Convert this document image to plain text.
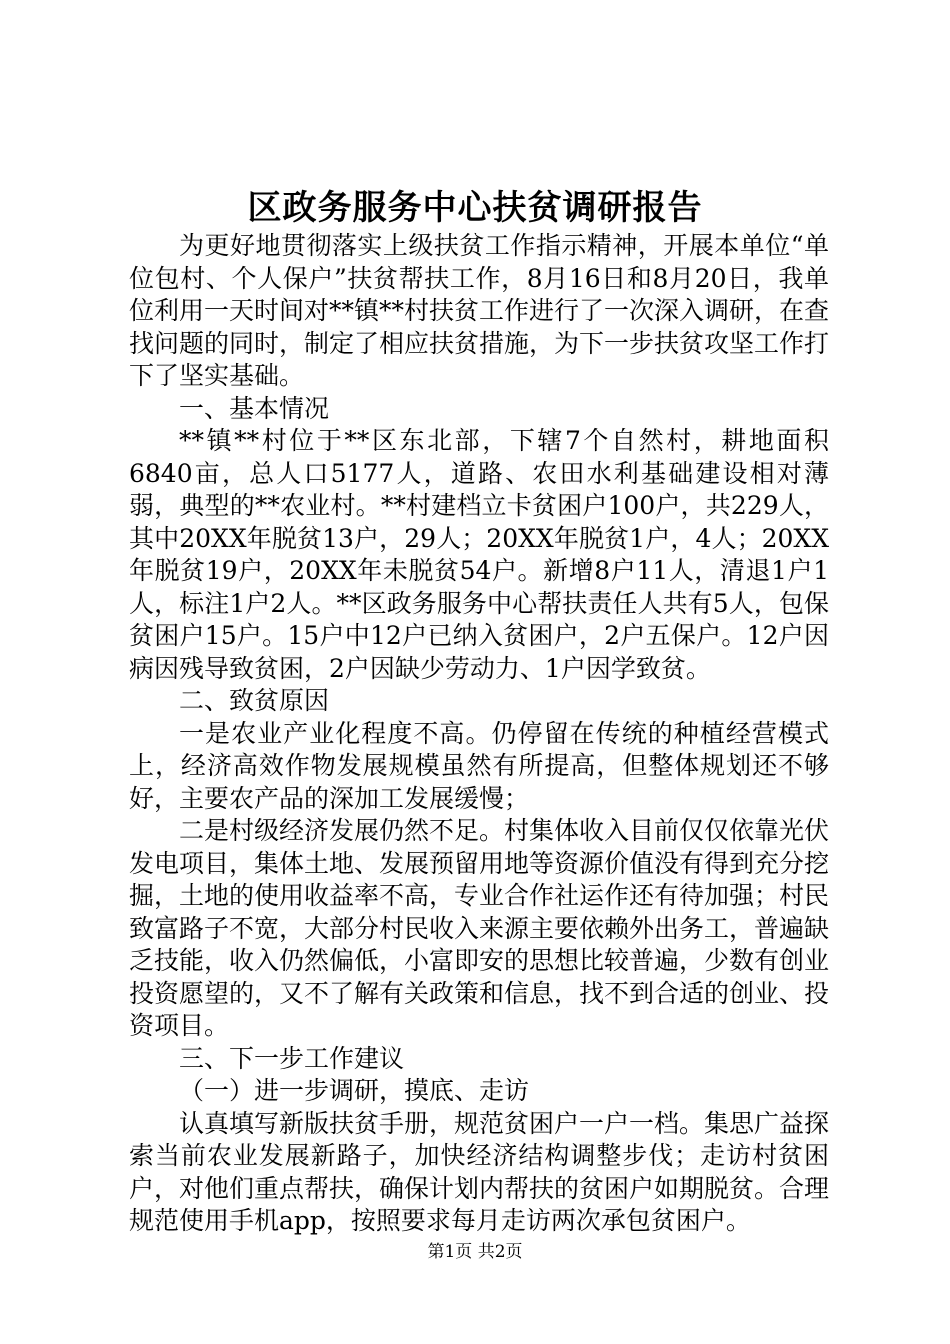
区政务服务中心扶贫调研报告

为更好地贯彻落实上级扶贫工作指示精神，开展本单位“单位包村、个人保户”扶贫帮扶工作，8月16日和8月20日，我单位利用一天时间对**镇**村扶贫工作进行了一次深入调研，在查找问题的同时，制定了相应扶贫措施，为下一步扶贫攻坚工作打下了坚实基础。

一、基本情况

**镇**村位于**区东北部，下辖7个自然村，耕地面积6840亩，总人口5177人，道路、农田水利基础建设相对薄弱，典型的**农业村。**村建档立卡贫困户100户，共229人，其中20XX年脱贫13户，29人；20XX年脱贫1户，4人；20XX年脱贫19户，20XX年未脱贫54户。新增8户11人，清退1户1人，标注1户2人。**区政务服务中心帮扶责任人共有5人，包保贫困户15户。15户中12户已纳入贫困户，2户五保户。12户因病因残导致贫困，2户因缺少劳动力、1户因学致贫。

二、致贫原因

一是农业产业化程度不高。仍停留在传统的种植经营模式上，经济高效作物发展规模虽然有所提高，但整体规划还不够好，主要农产品的深加工发展缓慢；

二是村级经济发展仍然不足。村集体收入目前仅仅依靠光伏发电项目，集体土地、发展预留用地等资源价值没有得到充分挖掘，土地的使用收益率不高，专业合作社运作还有待加强；村民致富路子不宽，大部分村民收入来源主要依赖外出务工，普遍缺乏技能，收入仍然偏低，小富即安的思想比较普遍，少数有创业投资愿望的，又不了解有关政策和信息，找不到合适的创业、投资项目。

三、下一步工作建议

（一）进一步调研，摸底、走访

认真填写新版扶贫手册，规范贫困户一户一档。集思广益探索当前农业发展新路子，加快经济结构调整步伐；走访村贫困户，对他们重点帮扶，确保计划内帮扶的贫困户如期脱贫。合理规范使用手机app，按照要求每月走访两次承包贫困户。

第1页 共2页
